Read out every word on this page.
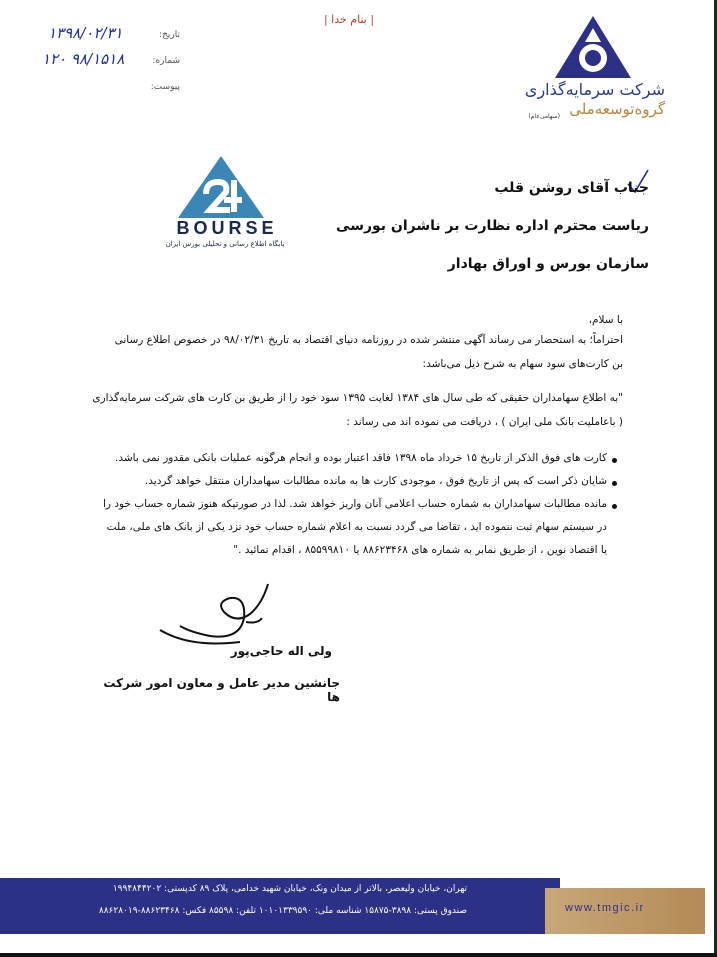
| بنام خدا |
تاریخ:
۱۳۹۸/۰۲/۳۱
شماره:
۱۲۰ ۹۸/۱۵۱۸
پیوست:	شرکت سرمایه‌گذاری
گروه‌توسعه‌ملی
(سهامی‌عام)
جناب آقای روشن قلب
ریاست محترم اداره نظارت بر ناشران بورسی
سازمان بورس و اوراق بهادار
BOURSE
پایگاه اطلاع رسانی و تحلیلی بورس ایران
با سلام،
احتراماً؛ به استحضار می رساند آگهی منتشر شده در روزنامه دنیای اقتصاد به تاریخ ۹۸/۰۲/۳۱ در خصوص اطلاع رسانی
بن کارت‌های سود سهام به شرح ذیل می‌باشد:
"به اطلاع سهامداران حقیقی که طی سال های ۱۳۸۴ لغایت ۱۳۹۵ سود خود را از طریق بن کارت های شرکت سرمایه‌گذاری
( باعاملیت بانک ملی ایران ) ، دریافت می نموده اند می رساند :
کارت های فوق الذکر از تاریخ ۱۵ خرداد ماه ۱۳۹۸ فاقد اعتبار بوده و انجام هرگونه عملیات بانکی مقدور نمی باشد.
شایان ذکر است که پس از تاریخ فوق ، موجودی کارت ها به مانده مطالبات سهامداران منتقل خواهد گردید.
مانده مطالبات سهامداران به شماره حساب اعلامی آنان واریز خواهد شد. لذا در صورتیکه هنوز شماره حساب خود را
در سیستم سهام ثبت ننموده اید ، تقاضا می گردد نسبت به اعلام شماره حساب خود نزد یکی از بانک های ملی، ملت
یا اقتصاد نوین ، از طریق نمابر به شماره های ۸۸۶۲۳۴۶۸ یا ۸۵۵۹۹۸۱۰ ، اقدام نمائید ."
ولی اله حاجی‌پور
جانشین مدیر عامل و معاون امور شرکت ها
تهران، خیابان ولیعصر، بالاتر از میدان ونک، خیابان شهید خدامی، پلاک ۸۹ کدپستی: ۱۹۹۴۸۴۴۲۰۲
صندوق پستی: ۳۸۹۸-۱۵۸۷۵ شناسه ملی: ۱۰۱۰۱۳۳۹۵۹۰ تلفن: ۸۵۵۹۸ فکس: ۸۸۶۲۳۴۶۸-۸۸۶۲۸۰۱۹	www.tmgic.ir
